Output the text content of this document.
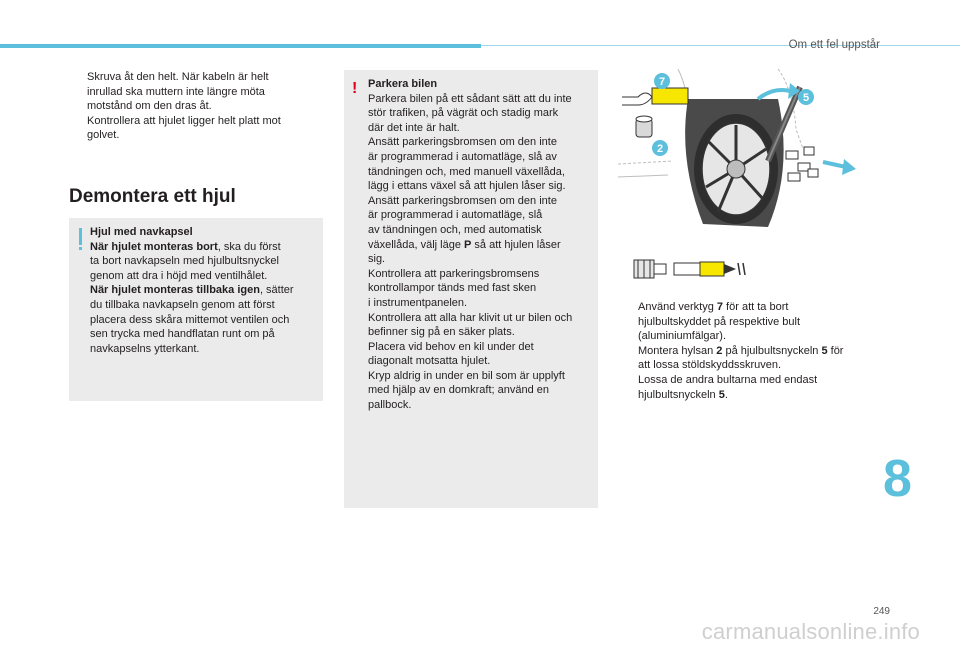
Om ett fel uppstår
Skruva åt den helt. När kabeln är helt
inrullad ska muttern inte längre möta
motstånd om den dras åt.
Kontrollera att hjulet ligger helt platt mot
golvet.
Demontera ett hjul
Hjul med navkapsel
När hjulet monteras bort, ska du först
ta bort navkapseln med hjulbultsnyckel
genom att dra i höjd med ventilhålet.
När hjulet monteras tillbaka igen, sätter
du tillbaka navkapseln genom att först
placera dess skåra mittemot ventilen och
sen trycka med handflatan runt om på
navkapselns ytterkant.
! Parkera bilen
Parkera bilen på ett sådant sätt att du inte
stör trafiken, på vägrät och stadig mark
där det inte är halt.
Ansätt parkeringsbromsen om den inte
är programmerad i automatläge, slå av
tändningen och, med manuell växellåda,
lägg i ettans växel så att hjulen låser sig.
Ansätt parkeringsbromsen om den inte
är programmerad i automatläge, slå
av tändningen och, med automatisk
växellåda, välj läge P så att hjulen låser
sig.
Kontrollera att parkeringsbromsens
kontrollampor tänds med fast sken
i instrumentpanelen.
Kontrollera att alla har klivit ut ur bilen och
befinner sig på en säker plats.
Placera vid behov en kil under det
diagonalt motsatta hjulet.
Kryp aldrig in under en bil som är upplyft
med hjälp av en domkraft; använd en
pallbock.
7
5
2
Använd verktyg 7 för att ta bort
hjulbultskyddet på respektive bult
(aluminiumfälgar).
Montera hylsan 2 på hjulbultsnyckeln 5 för
att lossa stöldskyddsskruven.
Lossa de andra bultarna med endast
hjulbultsnyckeln 5.
8
249
carmanualsonline.info
